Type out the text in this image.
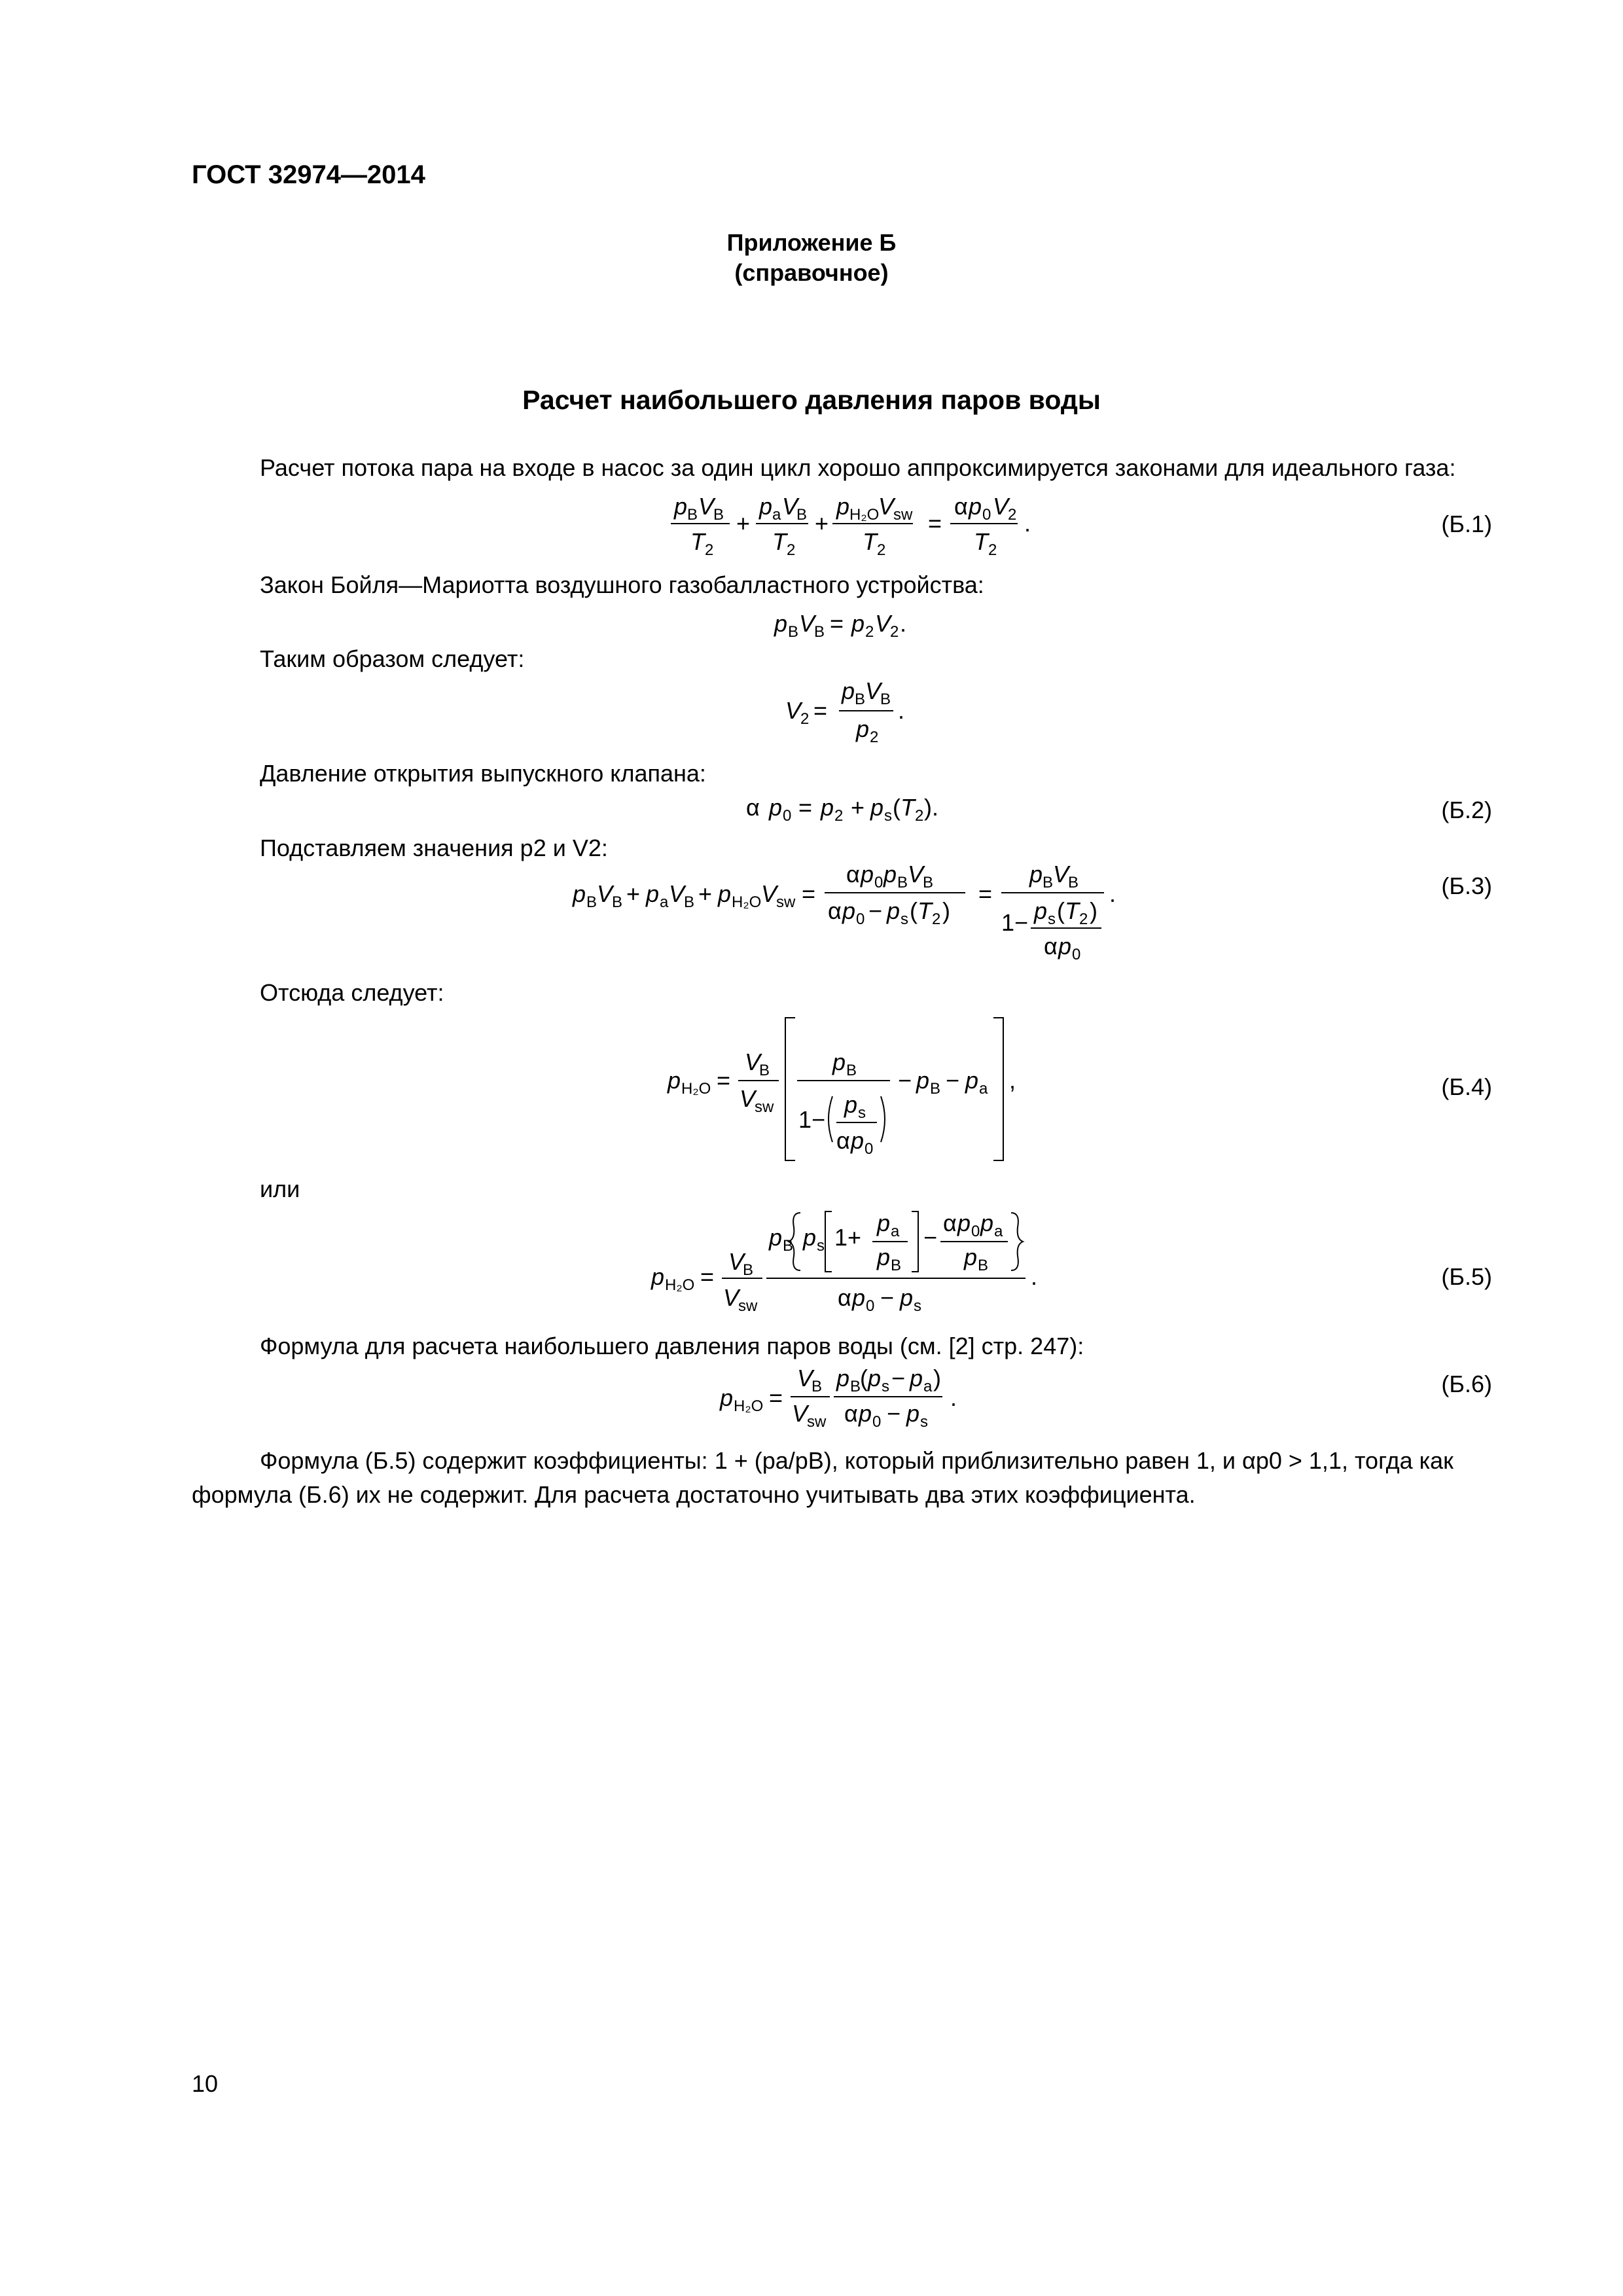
ГОСТ 32974—2014
Приложение Б
(справочное)
Расчет наибольшего давления паров воды
Расчет потока пара на входе в насос за один цикл хорошо аппроксимируется законами для идеального газа:
p B V
B
T 2
+
p a V
B
T 2
+
p H₂O
V
sw
T 2
=
α p 0 V
2
T 2
.	(Б.1)
Закон Бойля—Мариотта воздушного газобалластного устройства:
p B V
B = p 2 V
2 .
Таким образом следует:
V
2 =
p B V
B
p 2
.
Давление открытия выпускного клапана:
α p 0 = p 2 + p s ( T 2 ).	(Б.2)
Подставляем значения p2 и V2:
p B V
B + p a V
B + p H₂O V
sw =
α p 0 p B V
B
α p 0 − p s ( T 2 )
=
p B V
B
1− p s ( T 2 )
α p 0
.	(Б.3)
Отсюда следует:
p H₂O =
V
B
V
sw
p B
1−
p s
α p 0
− p B − p a ,	(Б.4)
или
p H₂O =
V
B
V
sw
p B p s 1+
p a
p B
−
α p 0 p a
p B
α p 0 − p s
.	(Б.5)
Формула для расчета наибольшего давления паров воды (см. [2] стр. 247):
p H₂O =
V
B
V
sw
p B
( p s − p a )
α p 0 − p s
.
(Б.6)
Формула (Б.5) содержит коэффициенты: 1 + (pa/pB), который приблизительно равен 1, и αp0 > 1,1, тогда как формула (Б.6) их не содержит. Для расчета достаточно учитывать два этих коэффициента.
10
